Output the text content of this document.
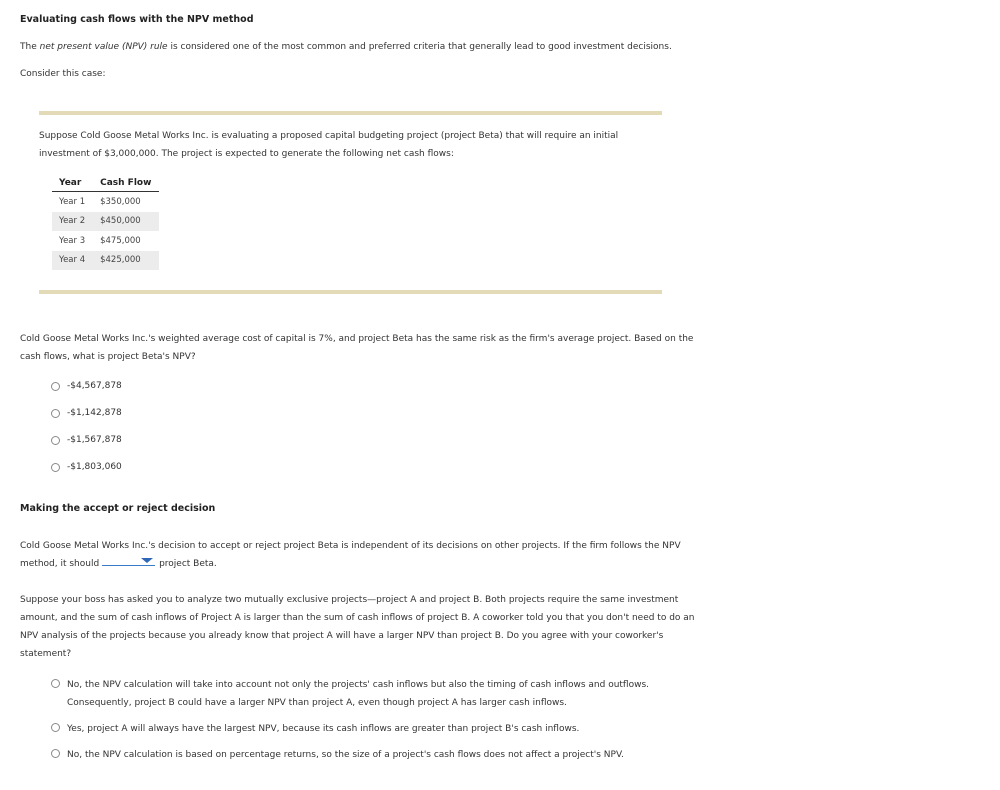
Evaluating cash flows with the NPV method
The net present value (NPV) rule is considered one of the most common and preferred criteria that generally lead to good investment decisions.
Consider this case:
Suppose Cold Goose Metal Works Inc. is evaluating a proposed capital budgeting project (project Beta) that will require an initial
investment of $3,000,000. The project is expected to generate the following net cash flows:
Year	Cash Flow
Year 1	$350,000
Year 2	$450,000
Year 3	$475,000
Year 4	$425,000
Cold Goose Metal Works Inc.'s weighted average cost of capital is 7%, and project Beta has the same risk as the firm's average project. Based on the
cash flows, what is project Beta's NPV?
-$4,567,878
-$1,142,878
-$1,567,878
-$1,803,060
Making the accept or reject decision
Cold Goose Metal Works Inc.'s decision to accept or reject project Beta is independent of its decisions on other projects. If the firm follows the NPV
method, it should	project Beta.
Suppose your boss has asked you to analyze two mutually exclusive projects—project A and project B. Both projects require the same investment
amount, and the sum of cash inflows of Project A is larger than the sum of cash inflows of project B. A coworker told you that you don't need to do an
NPV analysis of the projects because you already know that project A will have a larger NPV than project B. Do you agree with your coworker's
statement?
No, the NPV calculation will take into account not only the projects' cash inflows but also the timing of cash inflows and outflows.
Consequently, project B could have a larger NPV than project A, even though project A has larger cash inflows.
Yes, project A will always have the largest NPV, because its cash inflows are greater than project B's cash inflows.
No, the NPV calculation is based on percentage returns, so the size of a project's cash flows does not affect a project's NPV.
